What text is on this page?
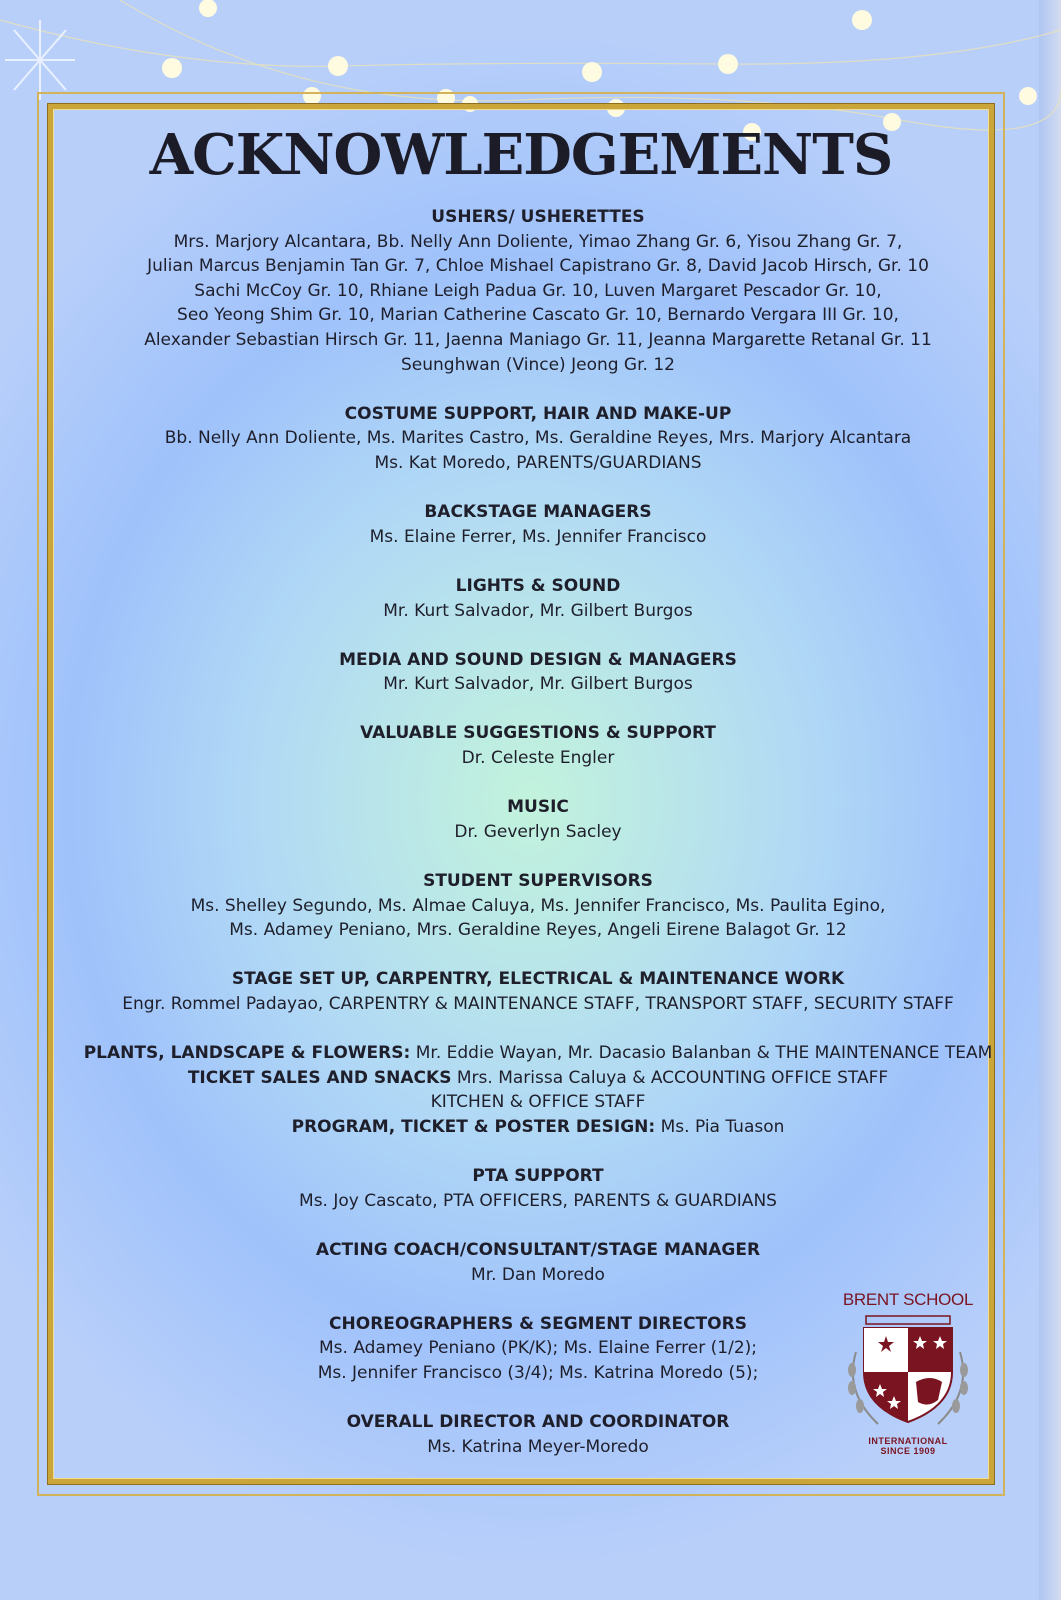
ACKNOWLEDGEMENTS
USHERS/ USHERETTES
Mrs. Marjory Alcantara, Bb. Nelly Ann Doliente, Yimao Zhang Gr. 6, Yisou Zhang Gr. 7,
Julian Marcus Benjamin Tan Gr. 7, Chloe Mishael Capistrano Gr. 8, David Jacob Hirsch, Gr. 10
Sachi McCoy Gr. 10, Rhiane Leigh Padua Gr. 10, Luven Margaret Pescador Gr. 10,
Seo Yeong Shim Gr. 10, Marian Catherine Cascato Gr. 10, Bernardo Vergara III Gr. 10,
Alexander Sebastian Hirsch Gr. 11, Jaenna Maniago Gr. 11, Jeanna Margarette Retanal Gr. 11
Seunghwan (Vince) Jeong Gr. 12
COSTUME SUPPORT, HAIR AND MAKE-UP
Bb. Nelly Ann Doliente, Ms. Marites Castro, Ms. Geraldine Reyes, Mrs. Marjory Alcantara
Ms. Kat Moredo, PARENTS/GUARDIANS
BACKSTAGE MANAGERS
Ms. Elaine Ferrer, Ms. Jennifer Francisco
LIGHTS & SOUND
Mr. Kurt Salvador, Mr. Gilbert Burgos
MEDIA AND SOUND DESIGN & MANAGERS
Mr. Kurt Salvador, Mr. Gilbert Burgos
VALUABLE SUGGESTIONS & SUPPORT
Dr. Celeste Engler
MUSIC
Dr. Geverlyn Sacley
STUDENT SUPERVISORS
Ms. Shelley Segundo, Ms. Almae Caluya, Ms. Jennifer Francisco, Ms. Paulita Egino,
Ms. Adamey Peniano, Mrs. Geraldine Reyes, Angeli Eirene Balagot Gr. 12
STAGE SET UP, CARPENTRY, ELECTRICAL & MAINTENANCE WORK
Engr. Rommel Padayao, CARPENTRY & MAINTENANCE STAFF, TRANSPORT STAFF, SECURITY STAFF
PLANTS, LANDSCAPE & FLOWERS: Mr. Eddie Wayan, Mr. Dacasio Balanban & THE MAINTENANCE TEAM
TICKET SALES AND SNACKS Mrs. Marissa Caluya & ACCOUNTING OFFICE STAFF
KITCHEN & OFFICE STAFF
PROGRAM, TICKET & POSTER DESIGN: Ms. Pia Tuason
PTA SUPPORT
Ms. Joy Cascato, PTA OFFICERS, PARENTS & GUARDIANS
ACTING COACH/CONSULTANT/STAGE MANAGER
Mr. Dan Moredo
CHOREOGRAPHERS & SEGMENT DIRECTORS
Ms. Adamey Peniano (PK/K); Ms. Elaine Ferrer (1/2);
Ms. Jennifer Francisco (3/4); Ms. Katrina Moredo (5);
OVERALL DIRECTOR AND COORDINATOR
Ms. Katrina Meyer-Moredo
BRENT SCHOOL
INTERNATIONAL
SINCE 1909
